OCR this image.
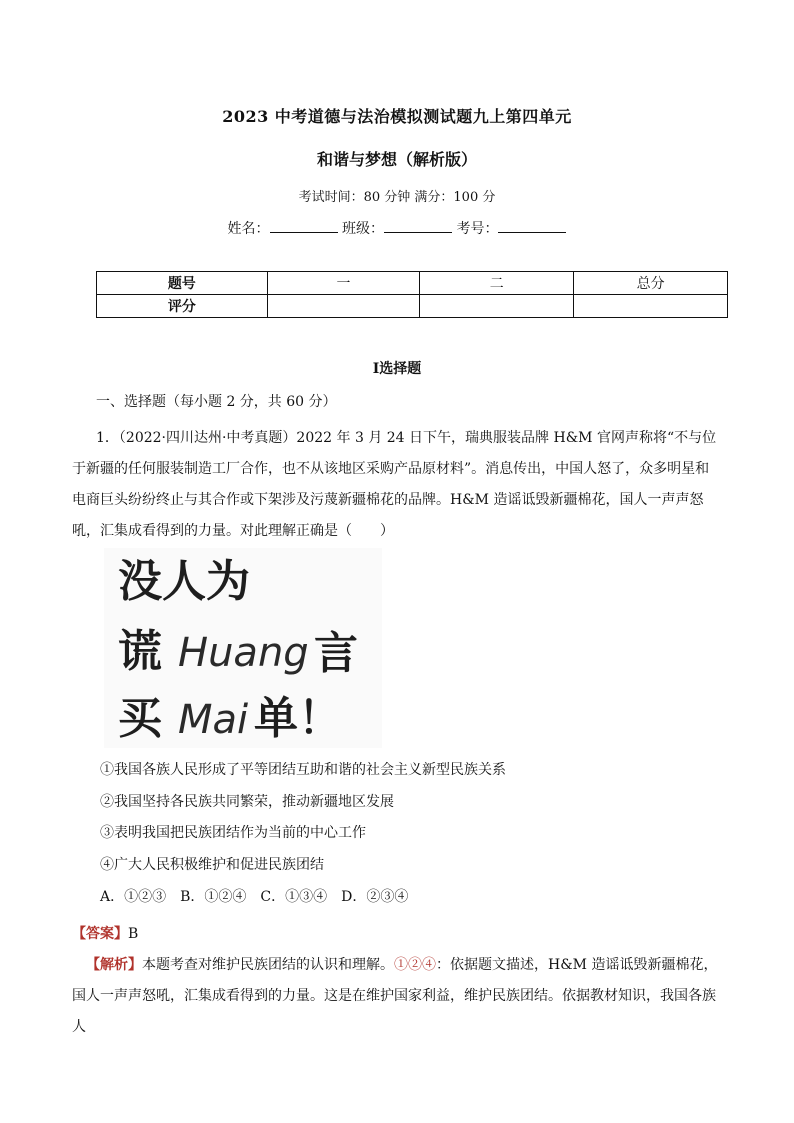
2023 中考道德与法治模拟测试题九上第四单元
和谐与梦想（解析版）
考试时间：80 分钟 满分：100 分
姓名：	班级：	考号：
题号	一	二	总分
评分			
Ⅰ选择题
一、选择题（每小题 2 分，共 60 分）
1．（2022·四川达州·中考真题）2022 年 3 月 24 日下午，瑞典服装品牌 H&M 官网声称将“不与位于新疆的任何服装制造工厂合作，也不从该地区采购产品原材料”。消息传出，中国人怒了，众多明星和电商巨头纷纷终止与其合作或下架涉及污蔑新疆棉花的品牌。H&M 造谣诋毁新疆棉花，国人一声声怒吼，汇集成看得到的力量。对此理解正确是（　　）
没人为
谎 Huang 言
买 Mai 单！
①我国各族人民形成了平等团结互助和谐的社会主义新型民族关系
②我国坚持各民族共同繁荣，推动新疆地区发展
③表明我国把民族团结作为当前的中心工作
④广大人民积极维护和促进民族团结
A．①②③　B．①②④　C．①③④　D．②③④
【答案】B
【解析】本题考查对维护民族团结的认识和理解。①②④：依据题文描述，H&M 造谣诋毁新疆棉花，国人一声声怒吼，汇集成看得到的力量。这是在维护国家利益，维护民族团结。依据教材知识，我国各族人
